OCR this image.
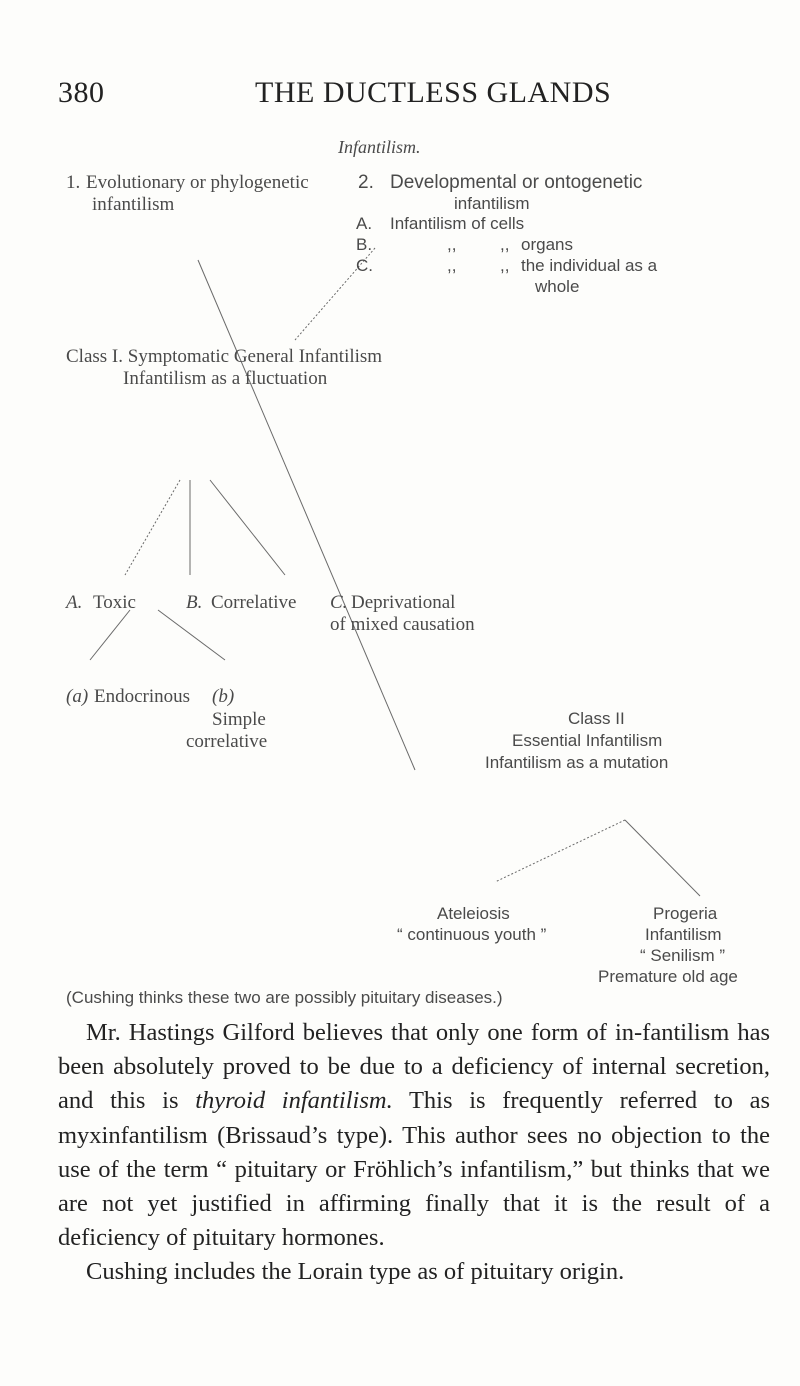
380	THE DUCTLESS GLANDS
Infantilism.
1. Evolutionary or phylogenetic
infantilism
2. Developmental or ontogenetic
infantilism
A. Infantilism of cells
B.	,,	,, organs
C.	,,	,, the individual as a
whole
Class I. Symptomatic General Infantilism
Infantilism as a fluctuation
A. Toxic	B. Correlative C. Deprivational
of mixed causation
(a) Endocrinous (b)
Simple
correlative
Class II
Essential Infantilism
Infantilism as a mutation
Ateleiosis
“ continuous youth ”
Progeria
Infantilism
“ Senilism ”
Premature old age
(Cushing thinks these two are possibly pituitary diseases.)

Mr. Hastings Gilford believes that only one form of in-fantilism has been absolutely proved to be due to a deficiency of internal secretion, and this is thyroid infantilism. This is frequently referred to as myxinfantilism (Brissaud’s type). This author sees no objection to the use of the term “ pituitary or Fröhlich’s infantilism,” but thinks that we are not yet justified in affirming finally that it is the result of a deficiency of pituitary hormones.

Cushing includes the Lorain type as of pituitary origin.
